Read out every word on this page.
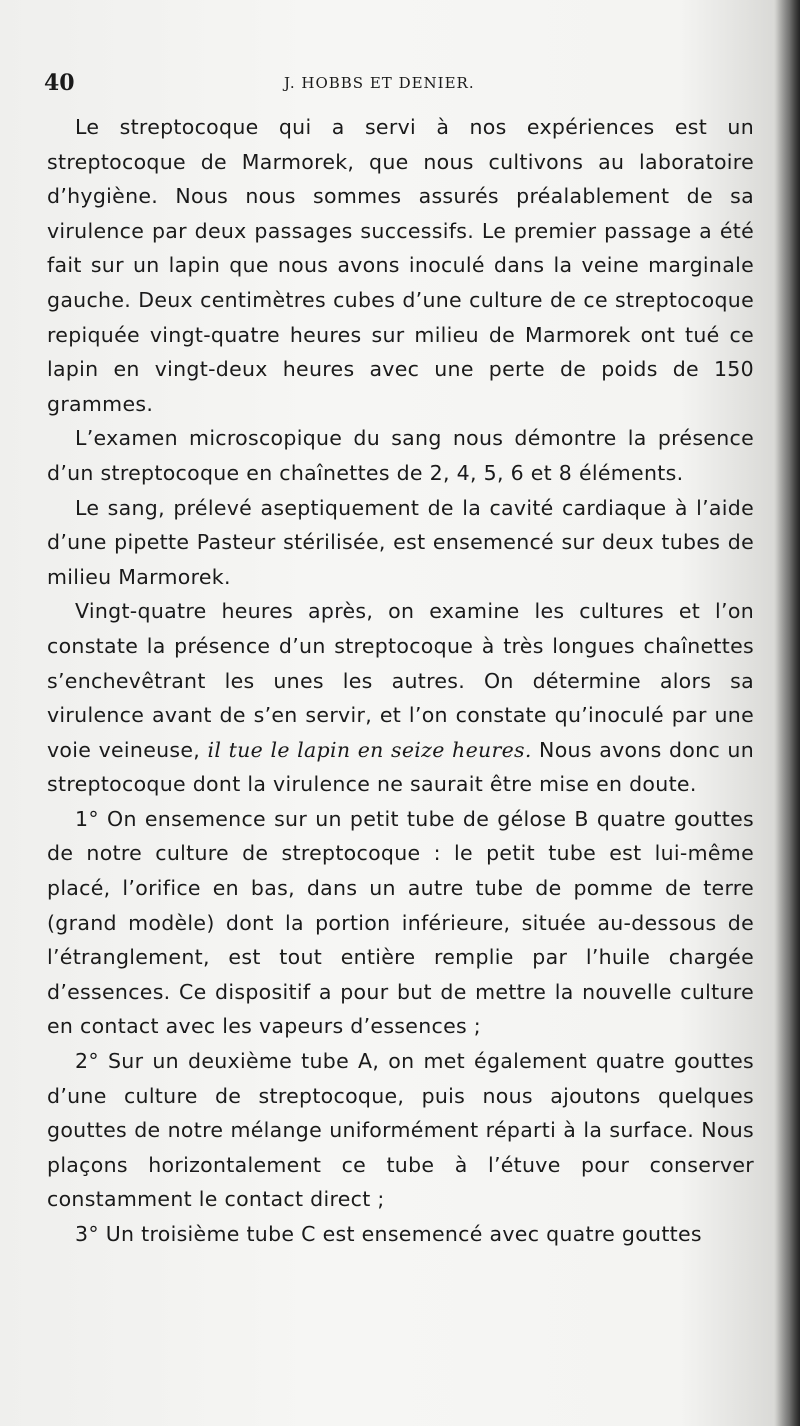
40	J. HOBBS ET DENIER.

Le streptocoque qui a servi à nos expériences est un streptocoque de Marmorek, que nous cultivons au laboratoire d’hygiène. Nous nous sommes assurés préalablement de sa virulence par deux passages successifs. Le premier passage a été fait sur un lapin que nous avons inoculé dans la veine marginale gauche. Deux centimètres cubes d’une culture de ce streptocoque repiquée vingt-quatre heures sur milieu de Marmorek ont tué ce lapin en vingt-deux heures avec une perte de poids de 150 grammes.

L’examen microscopique du sang nous démontre la présence d’un streptocoque en chaînettes de 2, 4, 5, 6 et 8 éléments.

Le sang, prélevé aseptiquement de la cavité cardiaque à l’aide d’une pipette Pasteur stérilisée, est ensemencé sur deux tubes de milieu Marmorek.

Vingt-quatre heures après, on examine les cultures et l’on constate la présence d’un streptocoque à très longues chaînettes s’enchevêtrant les unes les autres. On détermine alors sa virulence avant de s’en servir, et l’on constate qu’inoculé par une voie veineuse, il tue le lapin en seize heures. Nous avons donc un streptocoque dont la virulence ne saurait être mise en doute.

1° On ensemence sur un petit tube de gélose B quatre gouttes de notre culture de streptocoque : le petit tube est lui-même placé, l’orifice en bas, dans un autre tube de pomme de terre (grand modèle) dont la portion inférieure, située au-dessous de l’étranglement, est tout entière remplie par l’huile chargée d’essences. Ce dispositif a pour but de mettre la nouvelle culture en contact avec les vapeurs d’essences ;

2° Sur un deuxième tube A, on met également quatre gouttes d’une culture de streptocoque, puis nous ajoutons quelques gouttes de notre mélange uniformément réparti à la surface. Nous plaçons horizontalement ce tube à l’étuve pour conserver constamment le contact direct ;

3° Un troisième tube C est ensemencé avec quatre gouttes
